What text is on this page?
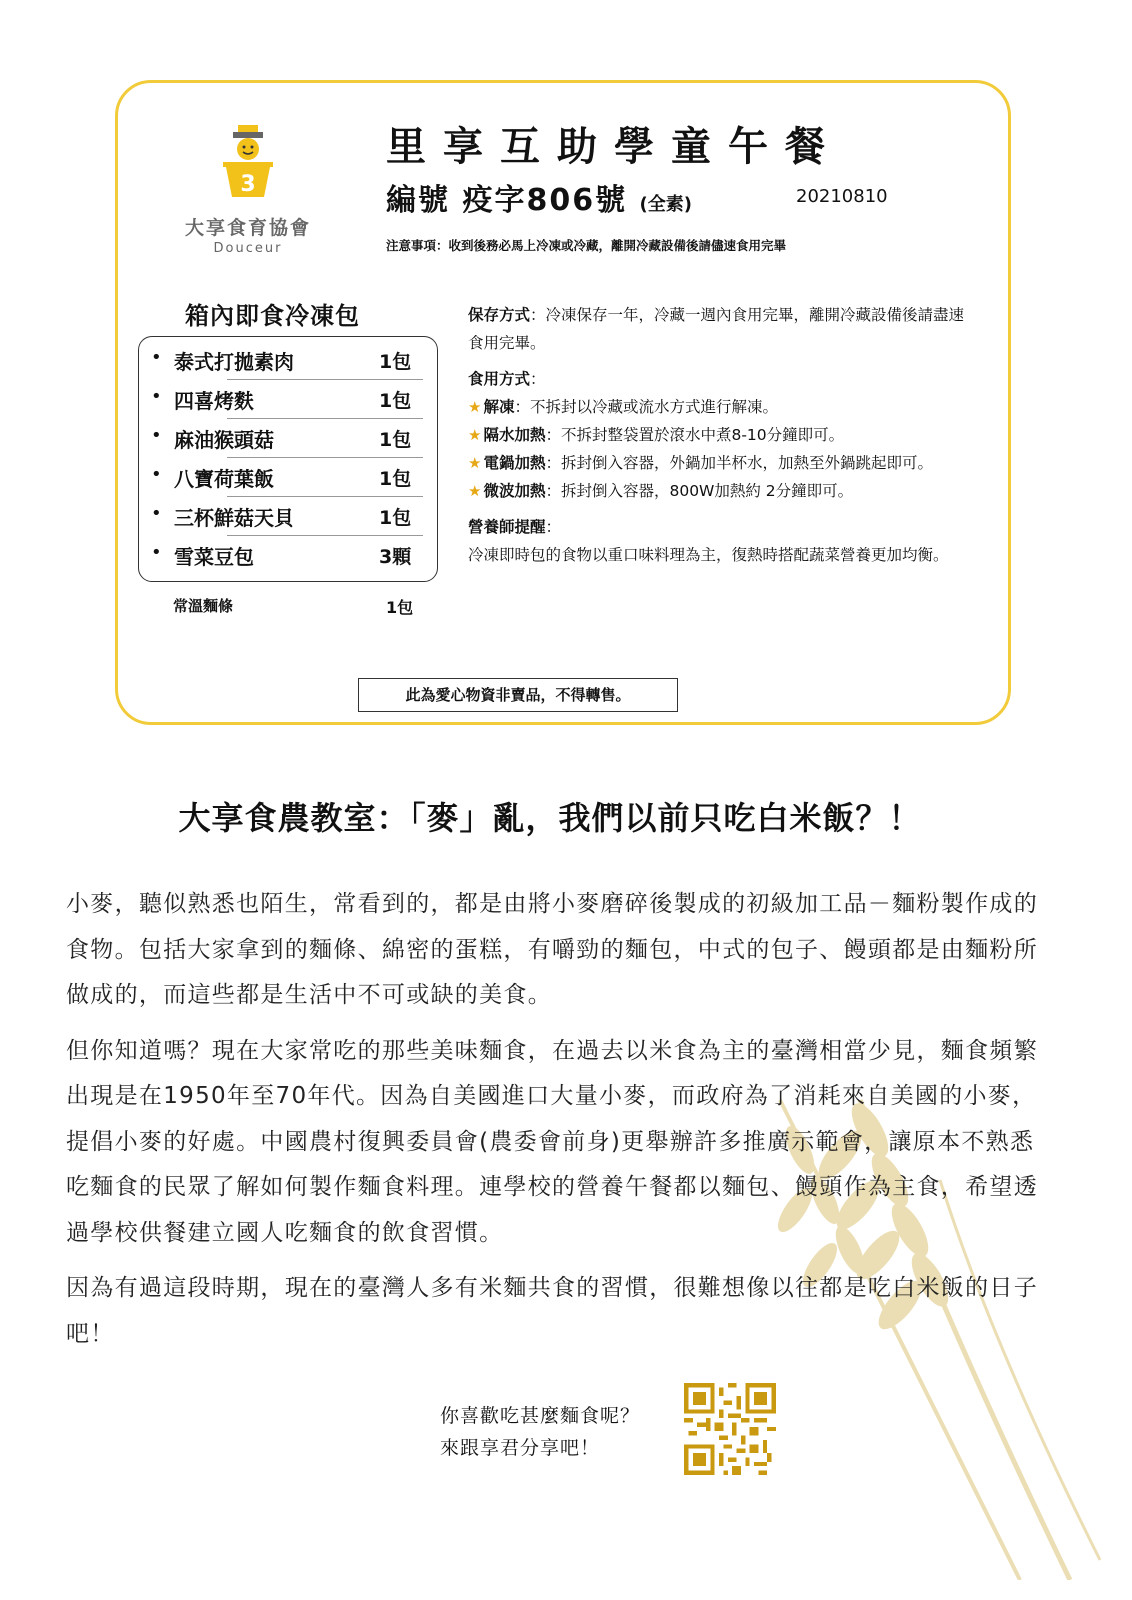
3
大享食育協會
Douceur
里享互助學童午餐
編號 疫字806號 (全素)	20210810
注意事項：收到後務必馬上冷凍或冷藏，離開冷藏設備後請儘速食用完畢
箱內即食冷凍包
• 泰式打拋素肉	1包
• 四喜烤麩	1包
• 麻油猴頭菇	1包
• 八寶荷葉飯	1包
• 三杯鮮菇天貝	1包
• 雪菜豆包	3顆
常溫麵條	1包

保存方式：冷凍保存一年，冷藏一週內食用完畢，離開冷藏設備後請盡速食用完畢。

食用方式：

★ 解凍：不拆封以冷藏或流水方式進行解凍。

★ 隔水加熱：不拆封整袋置於滾水中煮8-10分鐘即可。

★ 電鍋加熱：拆封倒入容器，外鍋加半杯水，加熱至外鍋跳起即可。

★ 微波加熱：拆封倒入容器，800W加熱約 2分鐘即可。

營養師提醒：

冷凍即時包的食物以重口味料理為主，復熱時搭配蔬菜營養更加均衡。

此為愛心物資非賣品，不得轉售。
大享食農教室：「麥」亂，我們以前只吃白米飯？！

小麥，聽似熟悉也陌生，常看到的，都是由將小麥磨碎後製成的初級加工品－麵粉製作成的食物。包括大家拿到的麵條、綿密的蛋糕，有嚼勁的麵包，中式的包子、饅頭都是由麵粉所做成的，而這些都是生活中不可或缺的美食。

但你知道嗎？現在大家常吃的那些美味麵食，在過去以米食為主的臺灣相當少見，麵食頻繁出現是在1950年至70年代。因為自美國進口大量小麥，而政府為了消耗來自美國的小麥，提倡小麥的好處。中國農村復興委員會(農委會前身)更舉辦許多推廣示範會，讓原本不熟悉吃麵食的民眾了解如何製作麵食料理。連學校的營養午餐都以麵包、饅頭作為主食，希望透過學校供餐建立國人吃麵食的飲食習慣。

因為有過這段時期，現在的臺灣人多有米麵共食的習慣，很難想像以往都是吃白米飯的日子吧！

你喜歡吃甚麼麵食呢？
來跟享君分享吧！
